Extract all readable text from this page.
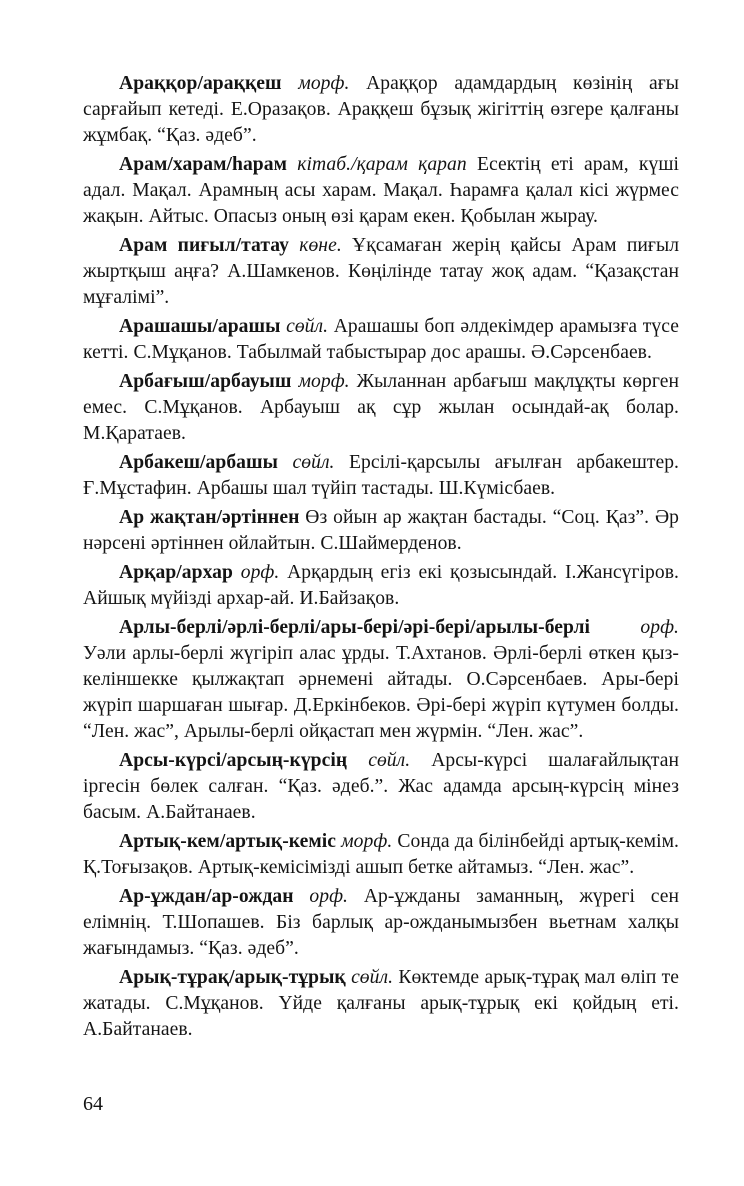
Араққор/араққеш морф. Араққор адамдардың көзінің ағы сарғайып кетеді. Е.Оразақов. Араққеш бұзық жігіттің өзгере қалғаны жұмбақ. “Қаз. әдеб”.

Арам/харам/һарам кітаб./қарам қарап Есектің еті арам, күші адал. Мақал. Арамның асы харам. Мақал. Һарамға қалал кісі жүрмес жақын. Айтыс. Опасыз оның өзі қарам екен. Қобылан жырау.

Арам пиғыл/татау көне. Ұқсамаған жерің қайсы Арам пиғыл жыртқыш аңға? А.Шамкенов. Көңілінде татау жоқ адам. “Қазақстан мұғалімі”.

Арашашы/арашы сөйл. Арашашы боп әлдекімдер арамызға түсе кетті. С.Мұқанов. Табылмай табыстырар дос арашы. Ә.Сәрсенбаев.

Арбағыш/арбауыш морф. Жыланнан арбағыш мақлұқты көрген емес. С.Мұқанов. Арбауыш ақ сұр жылан осындай-ақ болар. М.Қаратаев.

Арбакеш/арбашы сөйл. Ерсілі-қарсылы ағылған арбакештер. Ғ.Мұстафин. Арбашы шал түйіп тастады. Ш.Күмісбаев.

Ар жақтан/әртіннен Өз ойын ар жақтан бастады. “Соц. Қаз”. Әр нәрсені әртіннен ойлайтын. С.Шаймерденов.

Арқар/архар орф. Арқардың егіз екі қозысындай. І.Жансүгіров. Айшық мүйізді архар-ай. И.Байзақов.

Арлы-берлі/әрлі-берлі/ары-бері/әрі-бері/арылы-берлі	орф. Уәли арлы-берлі жүгіріп алас ұрды. Т.Ахтанов. Әрлі-берлі өткен қыз-келіншекке қылжақтап әрнемені айтады. О.Сәрсенбаев. Ары-бері жүріп шаршаған шығар. Д.Еркінбеков. Әрі-бері жүріп күтумен болды. “Лен. жас”, Арылы-берлі ойқастап мен жүрмін. “Лен. жас”.

Арсы-күрсі/арсың-күрсің сөйл. Арсы-күрсі шалағайлықтан іргесін бөлек салған. “Қаз. әдеб.”. Жас адамда арсың-күрсің мінез басым. А.Байтанаев.

Артық-кем/артық-кеміс морф. Сонда да білінбейді артық-кемім. Қ.Тоғызақов. Артық-кемісімізді ашып бетке айтамыз. “Лен. жас”.

Ар-ұждан/ар-ождан орф. Ар-ұжданы заманның, жүрегі сен елімнің. Т.Шопашев. Біз барлық ар-ожданымызбен вьетнам халқы жағындамыз. “Қаз. әдеб”.

Арық-тұрақ/арық-тұрық сөйл. Көктемде арық-тұрақ мал өліп те жатады. С.Мұқанов. Үйде қалғаны арық-тұрық екі қойдың еті. А.Байтанаев.

64
